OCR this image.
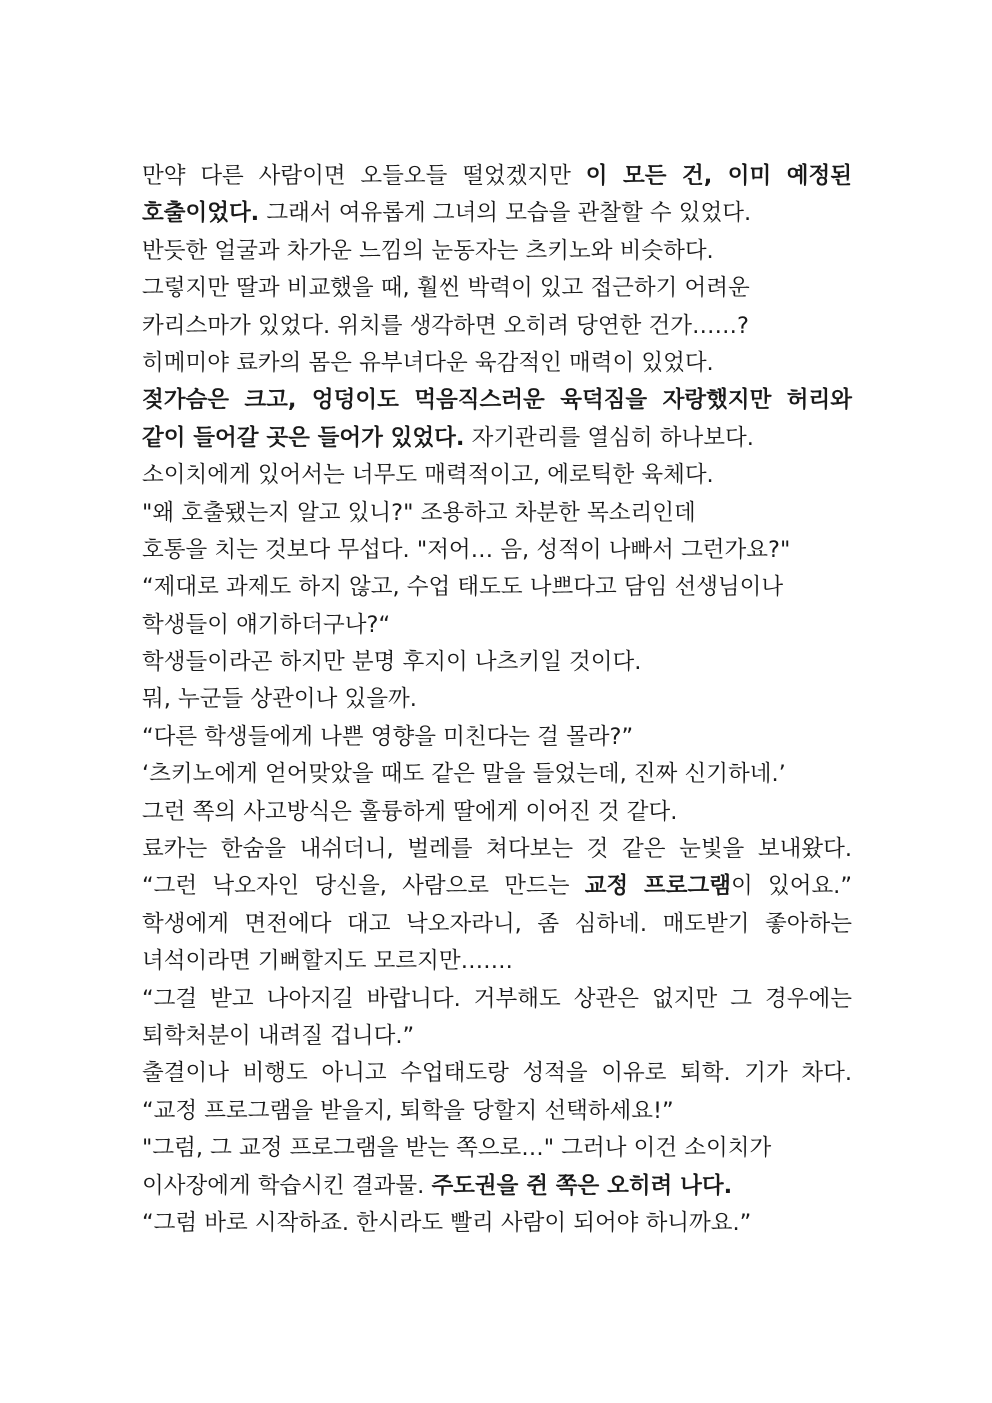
만약 다른 사람이면 오들오들 떨었겠지만 이 모든 건, 이미 예정된
호출이었다. 그래서 여유롭게 그녀의 모습을 관찰할 수 있었다.
반듯한 얼굴과 차가운 느낌의 눈동자는 츠키노와 비슷하다.
그렇지만 딸과 비교했을 때, 훨씬 박력이 있고 접근하기 어려운
카리스마가 있었다. 위치를 생각하면 오히려 당연한 건가……?
히메미야 료카의 몸은 유부녀다운 육감적인 매력이 있었다.
젖가슴은 크고, 엉덩이도 먹음직스러운 육덕짐을 자랑했지만 허리와
같이 들어갈 곳은 들어가 있었다. 자기관리를 열심히 하나보다.
소이치에게 있어서는 너무도 매력적이고, 에로틱한 육체다.
"왜 호출됐는지 알고 있니?" 조용하고 차분한 목소리인데
호통을 치는 것보다 무섭다. "저어… 음, 성적이 나빠서 그런가요?"
“제대로 과제도 하지 않고, 수업 태도도 나쁘다고 담임 선생님이나
학생들이 얘기하더구나?“
학생들이라곤 하지만 분명 후지이 나츠키일 것이다.
뭐, 누군들 상관이나 있을까.
“다른 학생들에게 나쁜 영향을 미친다는 걸 몰라?”
‘츠키노에게 얻어맞았을 때도 같은 말을 들었는데, 진짜 신기하네.’
그런 쪽의 사고방식은 훌륭하게 딸에게 이어진 것 같다.
료카는 한숨을 내쉬더니, 벌레를 쳐다보는 것 같은 눈빛을 보내왔다.
“그런 낙오자인 당신을, 사람으로 만드는 교정 프로그램이 있어요.”
학생에게 면전에다 대고 낙오자라니, 좀 심하네. 매도받기 좋아하는
녀석이라면 기뻐할지도 모르지만…….
“그걸 받고 나아지길 바랍니다. 거부해도 상관은 없지만 그 경우에는
퇴학처분이 내려질 겁니다.”
출결이나 비행도 아니고 수업태도랑 성적을 이유로 퇴학. 기가 차다.
“교정 프로그램을 받을지, 퇴학을 당할지 선택하세요!”
"그럼, 그 교정 프로그램을 받는 쪽으로…" 그러나 이건 소이치가
이사장에게 학습시킨 결과물. 주도권을 쥔 쪽은 오히려 나다.
“그럼 바로 시작하죠. 한시라도 빨리 사람이 되어야 하니까요.”
